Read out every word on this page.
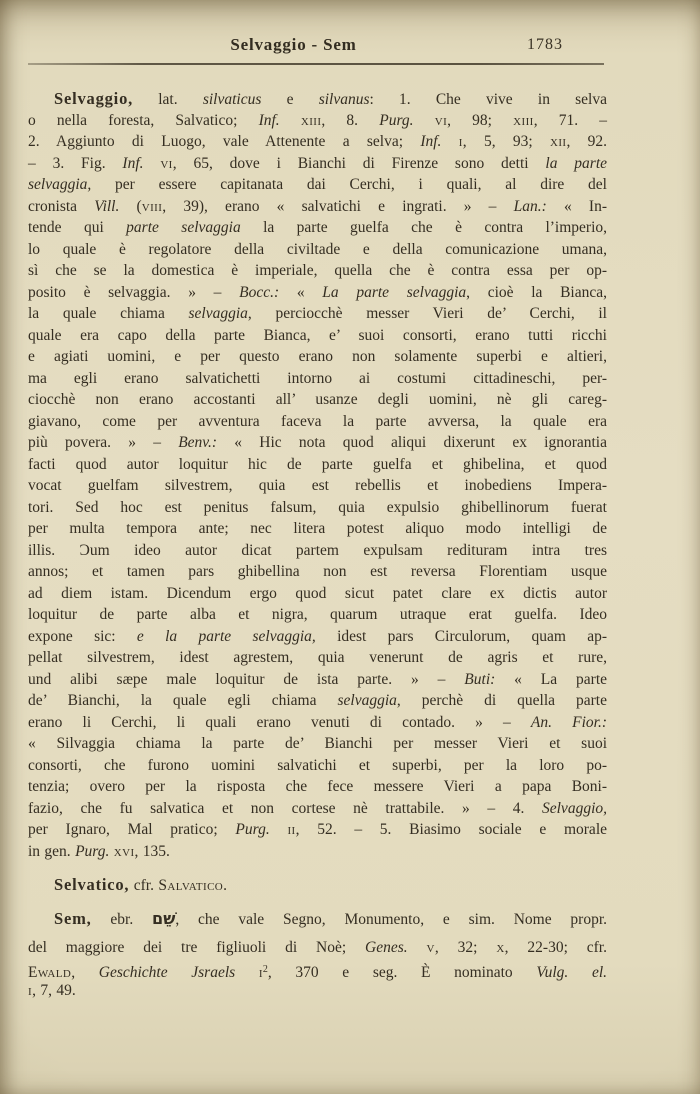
Selvaggio - Sem	1783
Selvaggio, lat. silvaticus e silvanus: 1. Che vive in selva
o nella foresta, Salvatico; Inf. xiii, 8. Purg. vi, 98; xiii, 71. –
2. Aggiunto di Luogo, vale Attenente a selva; Inf. i, 5, 93; xii, 92.
– 3. Fig. Inf. vi, 65, dove i Bianchi di Firenze sono detti la parte
selvaggia, per essere capitanata dai Cerchi, i quali, al dire del
cronista Vill. (viii, 39), erano « salvatichi e ingrati. » – Lan.: « In-
tende qui parte selvaggia la parte guelfa che è contra l’imperio,
lo quale è regolatore della civiltade e della comunicazione umana,
sì che se la domestica è imperiale, quella che è contra essa per op-
posito è selvaggia. » – Bocc.: « La parte selvaggia, cioè la Bianca,
la quale chiama selvaggia, perciocchè messer Vieri de’ Cerchi, il
quale era capo della parte Bianca, e’ suoi consorti, erano tutti ricchi
e agiati uomini, e per questo erano non solamente superbi e altieri,
ma egli erano salvatichetti intorno ai costumi cittadineschi, per-
ciocchè non erano accostanti all’ usanze degli uomini, nè gli careg-
giavano, come per avventura faceva la parte avversa, la quale era
più povera. » – Benv.: « Hic nota quod aliqui dixerunt ex ignorantia
facti quod autor loquitur hic de parte guelfa et ghibelina, et quod
vocat guelfam silvestrem, quia est rebellis et inobediens Impera-
tori. Sed hoc est penitus falsum, quia expulsio ghibellinorum fuerat
per multa tempora ante; nec litera potest aliquo modo intelligi de
illis. Ɔum ideo autor dicat partem expulsam redituram intra tres
annos; et tamen pars ghibellina non est reversa Florentiam usque
ad diem istam. Dicendum ergo quod sicut patet clare ex dictis autor
loquitur de parte alba et nigra, quarum utraque erat guelfa. Ideo
expone sic: e la parte selvaggia, idest pars Circulorum, quam ap-
pellat silvestrem, idest agrestem, quia venerunt de agris et rure,
und alibi sæpe male loquitur de ista parte. » – Buti: « La parte
de’ Bianchi, la quale egli chiama selvaggia, perchè di quella parte
erano li Cerchi, li quali erano venuti di contado. » – An. Fior.:
« Silvaggia chiama la parte de’ Bianchi per messer Vieri et suoi
consorti, che furono uomini salvatichi et superbi, per la loro po-
tenzia; overo per la risposta che fece messere Vieri a papa Boni-
fazio, che fu salvatica et non cortese nè trattabile. » – 4. Selvaggio,
per Ignaro, Mal pratico; Purg. ii, 52. – 5. Biasimo sociale e morale
in gen. Purg. xvi, 135.
Selvatico, cfr. Salvatico.
Sem, ebr. שֵׁם, che vale Segno, Monumento, e sim. Nome propr.
del maggiore dei tre figliuoli di Noè; Genes. v, 32; x, 22-30; cfr.
Ewald, Geschichte Jsraels $i^2$, 370 e seg. È nominato Vulg. el.
i, 7, 49.
